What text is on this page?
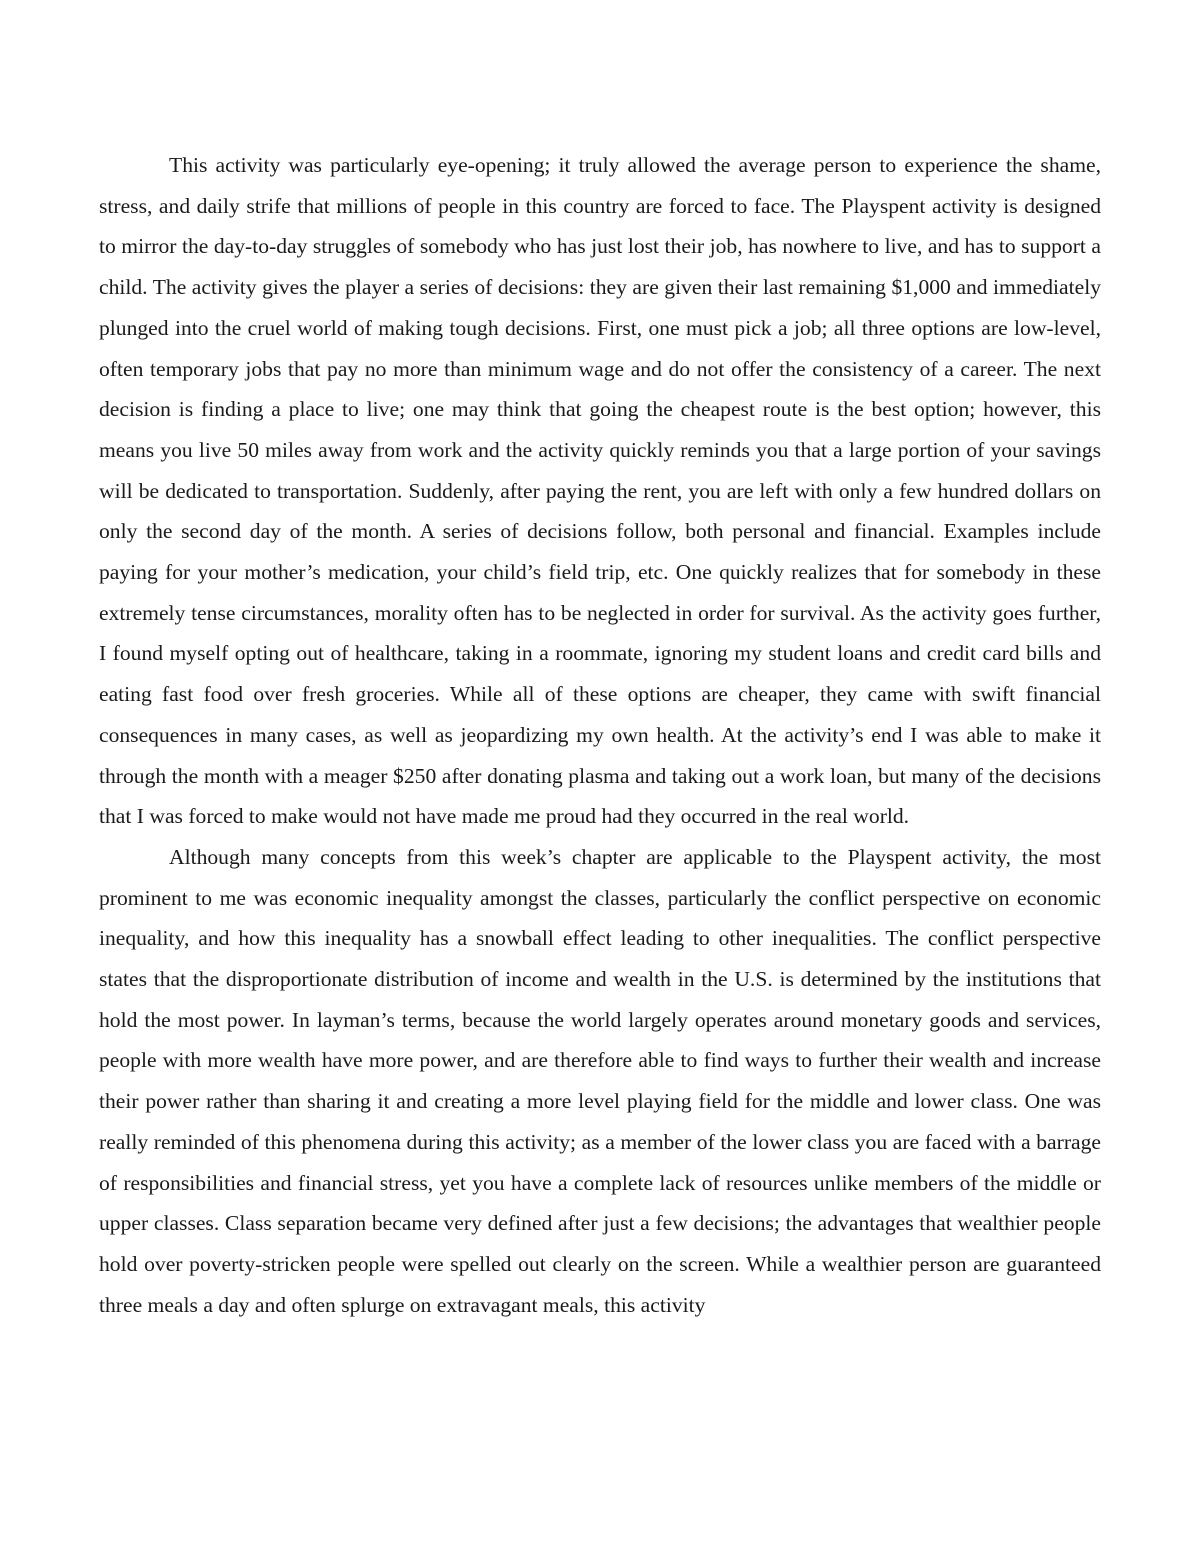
This activity was particularly eye-opening; it truly allowed the average person to experience the shame, stress, and daily strife that millions of people in this country are forced to face. The Playspent activity is designed to mirror the day-to-day struggles of somebody who has just lost their job, has nowhere to live, and has to support a child. The activity gives the player a series of decisions: they are given their last remaining $1,000 and immediately plunged into the cruel world of making tough decisions. First, one must pick a job; all three options are low-level, often temporary jobs that pay no more than minimum wage and do not offer the consistency of a career. The next decision is finding a place to live; one may think that going the cheapest route is the best option; however, this means you live 50 miles away from work and the activity quickly reminds you that a large portion of your savings will be dedicated to transportation. Suddenly, after paying the rent, you are left with only a few hundred dollars on only the second day of the month. A series of decisions follow, both personal and financial. Examples include paying for your mother’s medication, your child’s field trip, etc. One quickly realizes that for somebody in these extremely tense circumstances, morality often has to be neglected in order for survival. As the activity goes further, I found myself opting out of healthcare, taking in a roommate, ignoring my student loans and credit card bills and eating fast food over fresh groceries. While all of these options are cheaper, they came with swift financial consequences in many cases, as well as jeopardizing my own health. At the activity’s end I was able to make it through the month with a meager $250 after donating plasma and taking out a work loan, but many of the decisions that I was forced to make would not have made me proud had they occurred in the real world.

Although many concepts from this week’s chapter are applicable to the Playspent activity, the most prominent to me was economic inequality amongst the classes, particularly the conflict perspective on economic inequality, and how this inequality has a snowball effect leading to other inequalities. The conflict perspective states that the disproportionate distribution of income and wealth in the U.S. is determined by the institutions that hold the most power. In layman’s terms, because the world largely operates around monetary goods and services, people with more wealth have more power, and are therefore able to find ways to further their wealth and increase their power rather than sharing it and creating a more level playing field for the middle and lower class. One was really reminded of this phenomena during this activity; as a member of the lower class you are faced with a barrage of responsibilities and financial stress, yet you have a complete lack of resources unlike members of the middle or upper classes. Class separation became very defined after just a few decisions; the advantages that wealthier people hold over poverty-stricken people were spelled out clearly on the screen. While a wealthier person are guaranteed three meals a day and often splurge on extravagant meals, this activity
